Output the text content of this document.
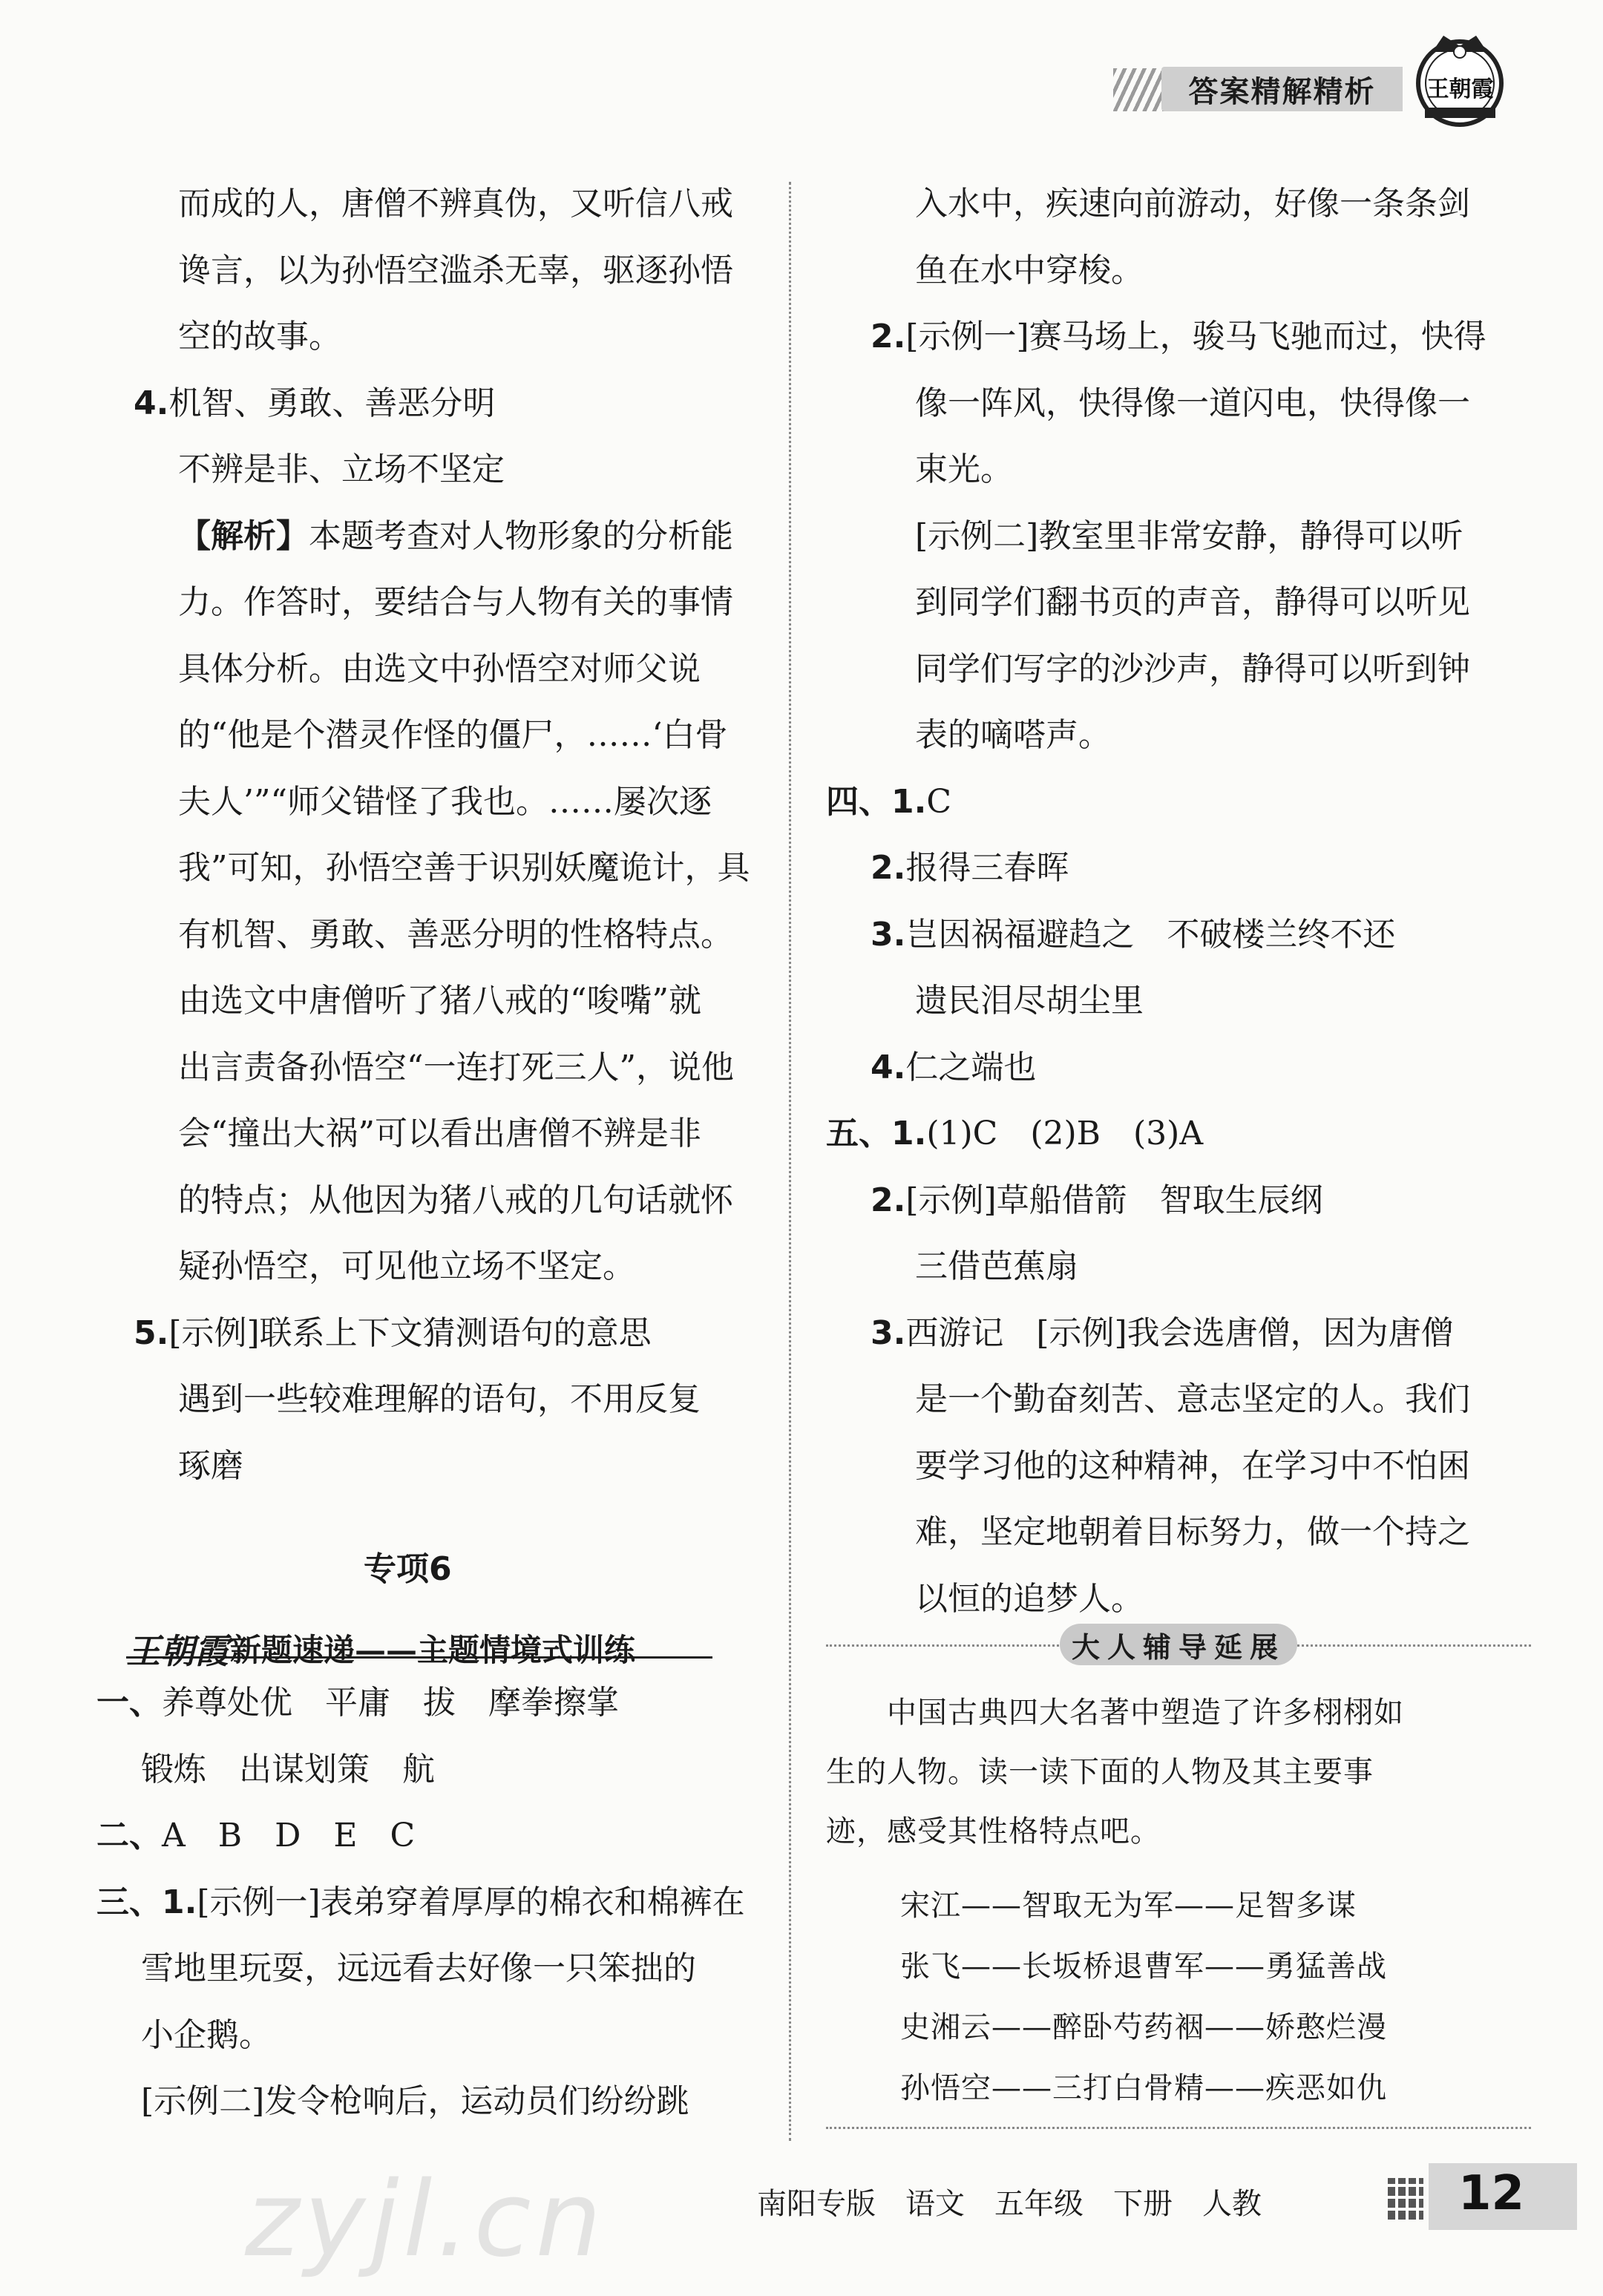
答案精解精析	王朝霞
而成的人，唐僧不辨真伪，又听信八戒
谗言，以为孙悟空滥杀无辜，驱逐孙悟
空的故事。
4.机智、勇敢、善恶分明
不辨是非、立场不坚定
【解析】本题考查对人物形象的分析能
力。作答时，要结合与人物有关的事情
具体分析。由选文中孙悟空对师父说
的“他是个潜灵作怪的僵尸，……‘白骨
夫人’”“师父错怪了我也。……屡次逐
我”可知，孙悟空善于识别妖魔诡计，具
有机智、勇敢、善恶分明的性格特点。
由选文中唐僧听了猪八戒的“唆嘴”就
出言责备孙悟空“一连打死三人”，说他
会“撞出大祸”可以看出唐僧不辨是非
的特点；从他因为猪八戒的几句话就怀
疑孙悟空，可见他立场不坚定。
5.[示例]联系上下文猜测语句的意思
遇到一些较难理解的语句，不用反复
琢磨
专项6
王朝霞 新题速递——主题情境式训练
一、养尊处优　平庸　拔　摩拳擦掌
锻炼　出谋划策　航
二、A　B　D　E　C
三、1.[示例一]表弟穿着厚厚的棉衣和棉裤在
雪地里玩耍，远远看去好像一只笨拙的
小企鹅。
[示例二]发令枪响后，运动员们纷纷跳
入水中，疾速向前游动，好像一条条剑
鱼在水中穿梭。
2.[示例一]赛马场上，骏马飞驰而过，快得
像一阵风，快得像一道闪电，快得像一
束光。
[示例二]教室里非常安静，静得可以听
到同学们翻书页的声音，静得可以听见
同学们写字的沙沙声，静得可以听到钟
表的嘀嗒声。
四、1.C
2.报得三春晖
3.岂因祸福避趋之　不破楼兰终不还
遗民泪尽胡尘里
4.仁之端也
五、1.(1)C　(2)B　(3)A
2.[示例]草船借箭　智取生辰纲
三借芭蕉扇
3.西游记　[示例]我会选唐僧，因为唐僧
是一个勤奋刻苦、意志坚定的人。我们
要学习他的这种精神，在学习中不怕困
难，坚定地朝着目标努力，做一个持之
以恒的追梦人。
大人辅导延展
　　中国古典四大名著中塑造了许多栩栩如
生的人物。读一读下面的人物及其主要事
迹，感受其性格特点吧。
宋江——智取无为军——足智多谋
张飞——长坂桥退曹军——勇猛善战
史湘云——醉卧芍药裀——娇憨烂漫
孙悟空——三打白骨精——疾恶如仇
南阳专版　语文　五年级　下册　人教	12
zyjl.cn
